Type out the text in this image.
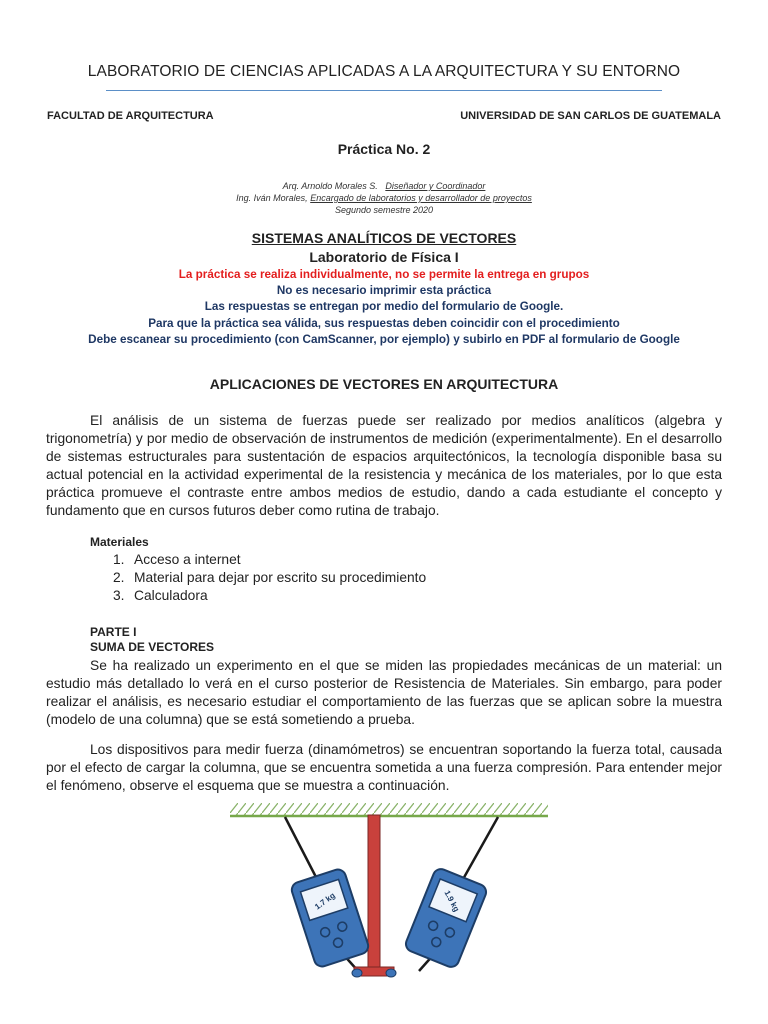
LABORATORIO DE CIENCIAS APLICADAS A LA ARQUITECTURA Y SU ENTORNO
FACULTAD DE ARQUITECTURA	UNIVERSIDAD DE SAN CARLOS DE GUATEMALA
Práctica No. 2
Arq. Arnoldo Morales S. Diseñador y Coordinador
Ing. Iván Morales, Encargado de laboratorios y desarrollador de proyectos
Segundo semestre 2020
SISTEMAS ANALÍTICOS DE VECTORES
Laboratorio de Física I
La práctica se realiza individualmente, no se permite la entrega en grupos
No es necesario imprimir esta práctica
Las respuestas se entregan por medio del formulario de Google.
Para que la práctica sea válida, sus respuestas deben coincidir con el procedimiento
Debe escanear su procedimiento (con CamScanner, por ejemplo) y subirlo en PDF al formulario de Google
APLICACIONES DE VECTORES EN ARQUITECTURA
El análisis de un sistema de fuerzas puede ser realizado por medios analíticos (algebra y trigonometría) y por medio de observación de instrumentos de medición (experimentalmente). En el desarrollo de sistemas estructurales para sustentación de espacios arquitectónicos, la tecnología disponible basa su actual potencial en la actividad experimental de la resistencia y mecánica de los materiales, por lo que esta práctica promueve el contraste entre ambos medios de estudio, dando a cada estudiante el concepto y fundamento que en cursos futuros deber como rutina de trabajo.
Materiales
1. Acceso a internet
2. Material para dejar por escrito su procedimiento
3. Calculadora
PARTE I
SUMA DE VECTORES
Se ha realizado un experimento en el que se miden las propiedades mecánicas de un material: un estudio más detallado lo verá en el curso posterior de Resistencia de Materiales. Sin embargo, para poder realizar el análisis, es necesario estudiar el comportamiento de las fuerzas que se aplican sobre la muestra (modelo de una columna) que se está sometiendo a prueba.
Los dispositivos para medir fuerza (dinamómetros) se encuentran soportando la fuerza total, causada por el efecto de cargar la columna, que se encuentra sometida a una fuerza compresión. Para entender mejor el fenómeno, observe el esquema que se muestra a continuación.
1.7 kg	1.9 kg
